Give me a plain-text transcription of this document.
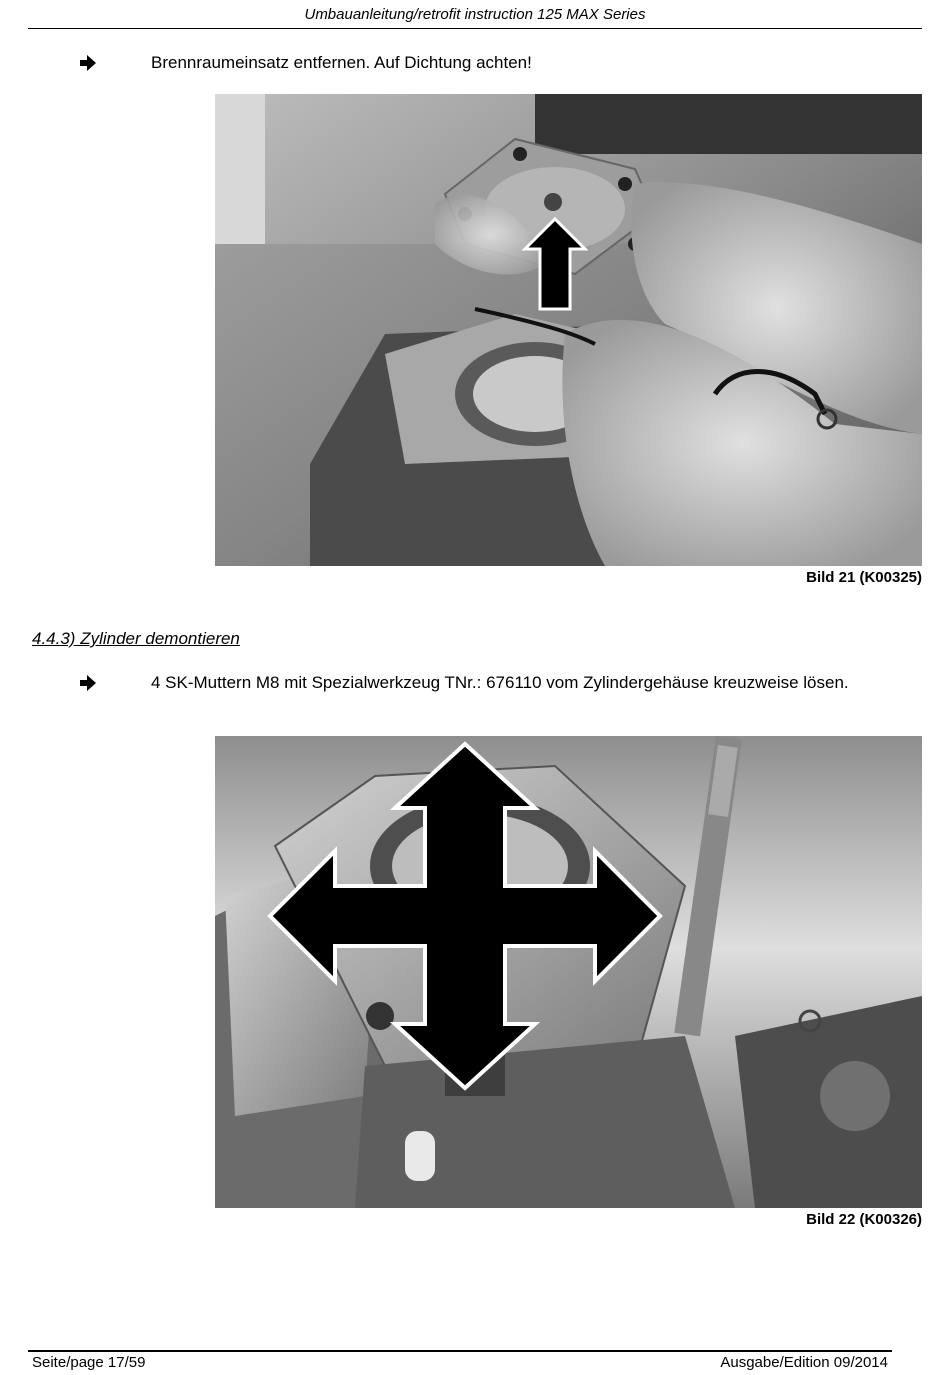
Umbauanleitung/retrofit instruction 125 MAX Series
Brennraumeinsatz entfernen. Auf Dichtung achten!
Bild 21 (K00325)
4.4.3) Zylinder demontieren
4 SK-Muttern M8 mit Spezialwerkzeug TNr.: 676110 vom Zylindergehäuse kreuzweise lösen.
Bild 22 (K00326)
Seite/page 17/59	Ausgabe/Edition 09/2014
